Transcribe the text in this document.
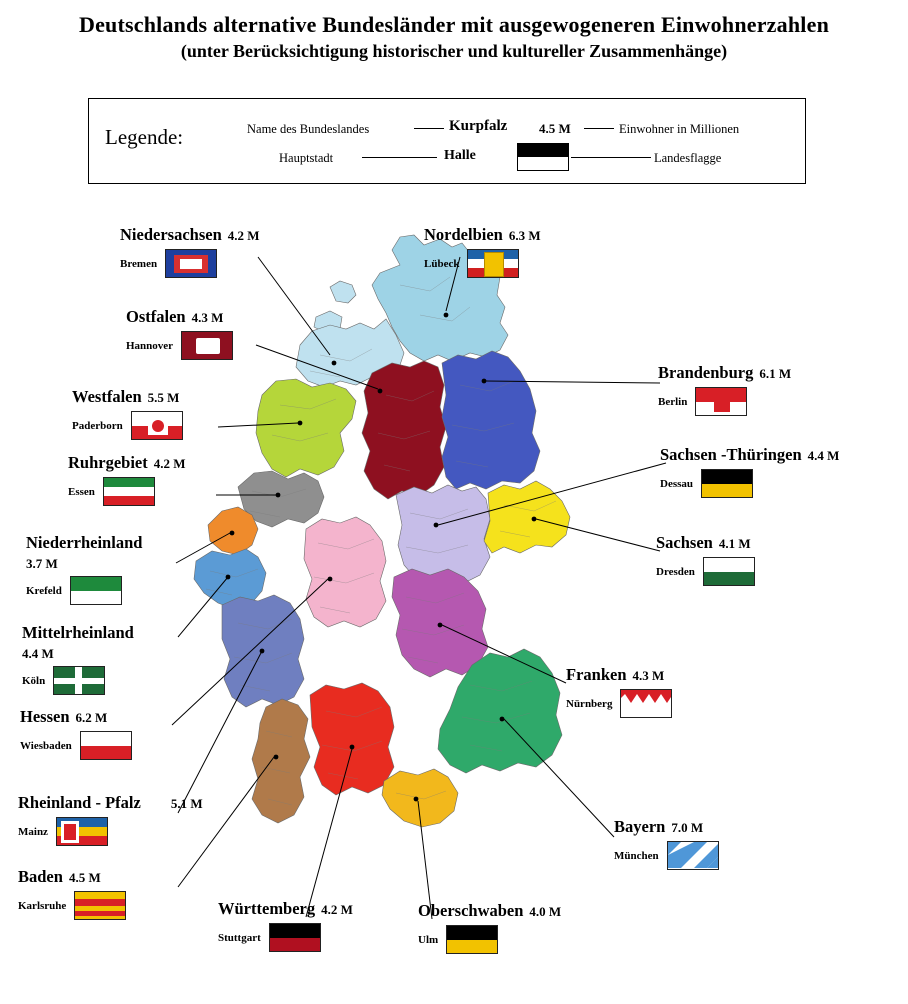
Deutschlands alternative Bundesländer mit ausgewogeneren Einwohnerzahlen
(unter Berücksichtigung historischer und kultureller Zusammenhänge)
Legende:	Name des Bundeslandes	Kurpfalz 4.5 M	Einwohner in Millionen
Hauptstadt	Halle	Landesflagge
Niedersachsen 4.2 M
Bremen
Nordelbien 6.3 M
Lübeck
Ostfalen 4.3 M
Hannover
Brandenburg 6.1 M
Berlin
Westfalen 5.5 M
Paderborn
Sachsen -Thüringen 4.4 M
Dessau
Ruhrgebiet 4.2 M
Essen
Sachsen 4.1 M
Dresden
Niederrheinland
3.7 M
Krefeld
Mittelrheinland
4.4 M
Köln
Hessen 6.2 M
Wiesbaden
Franken 4.3 M
Nürnberg
Rheinland - Pfalz 5.1 M
Mainz	Bayern 7.0 M
München
Baden 4.5 M
Karlsruhe	Württemberg 4.2 M
Stuttgart
Oberschwaben 4.0 M
Ulm
